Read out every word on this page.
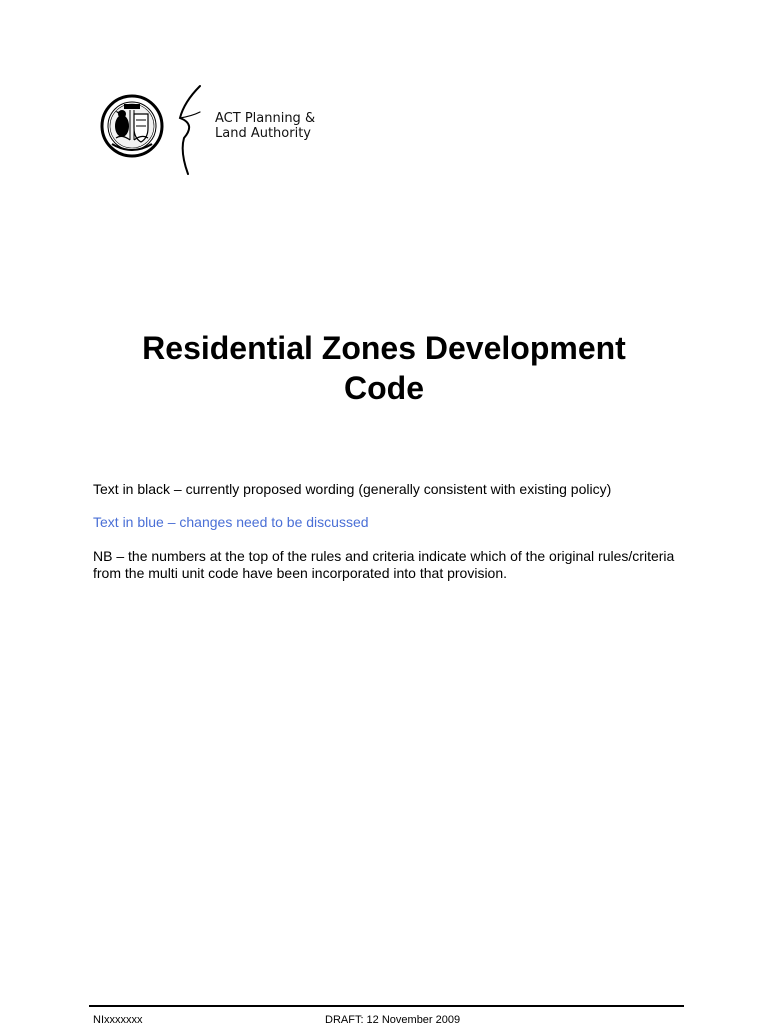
ACT Planning &
Land Authority
Residential Zones Development
Code

Text in black – currently proposed wording (generally consistent with existing policy)

Text in blue – changes need to be discussed

NB – the numbers at the top of the rules and criteria indicate which of the original rules/criteria from the multi unit code have been incorporated into that provision.

NIxxxxxxx	DRAFT: 12 November 2009
